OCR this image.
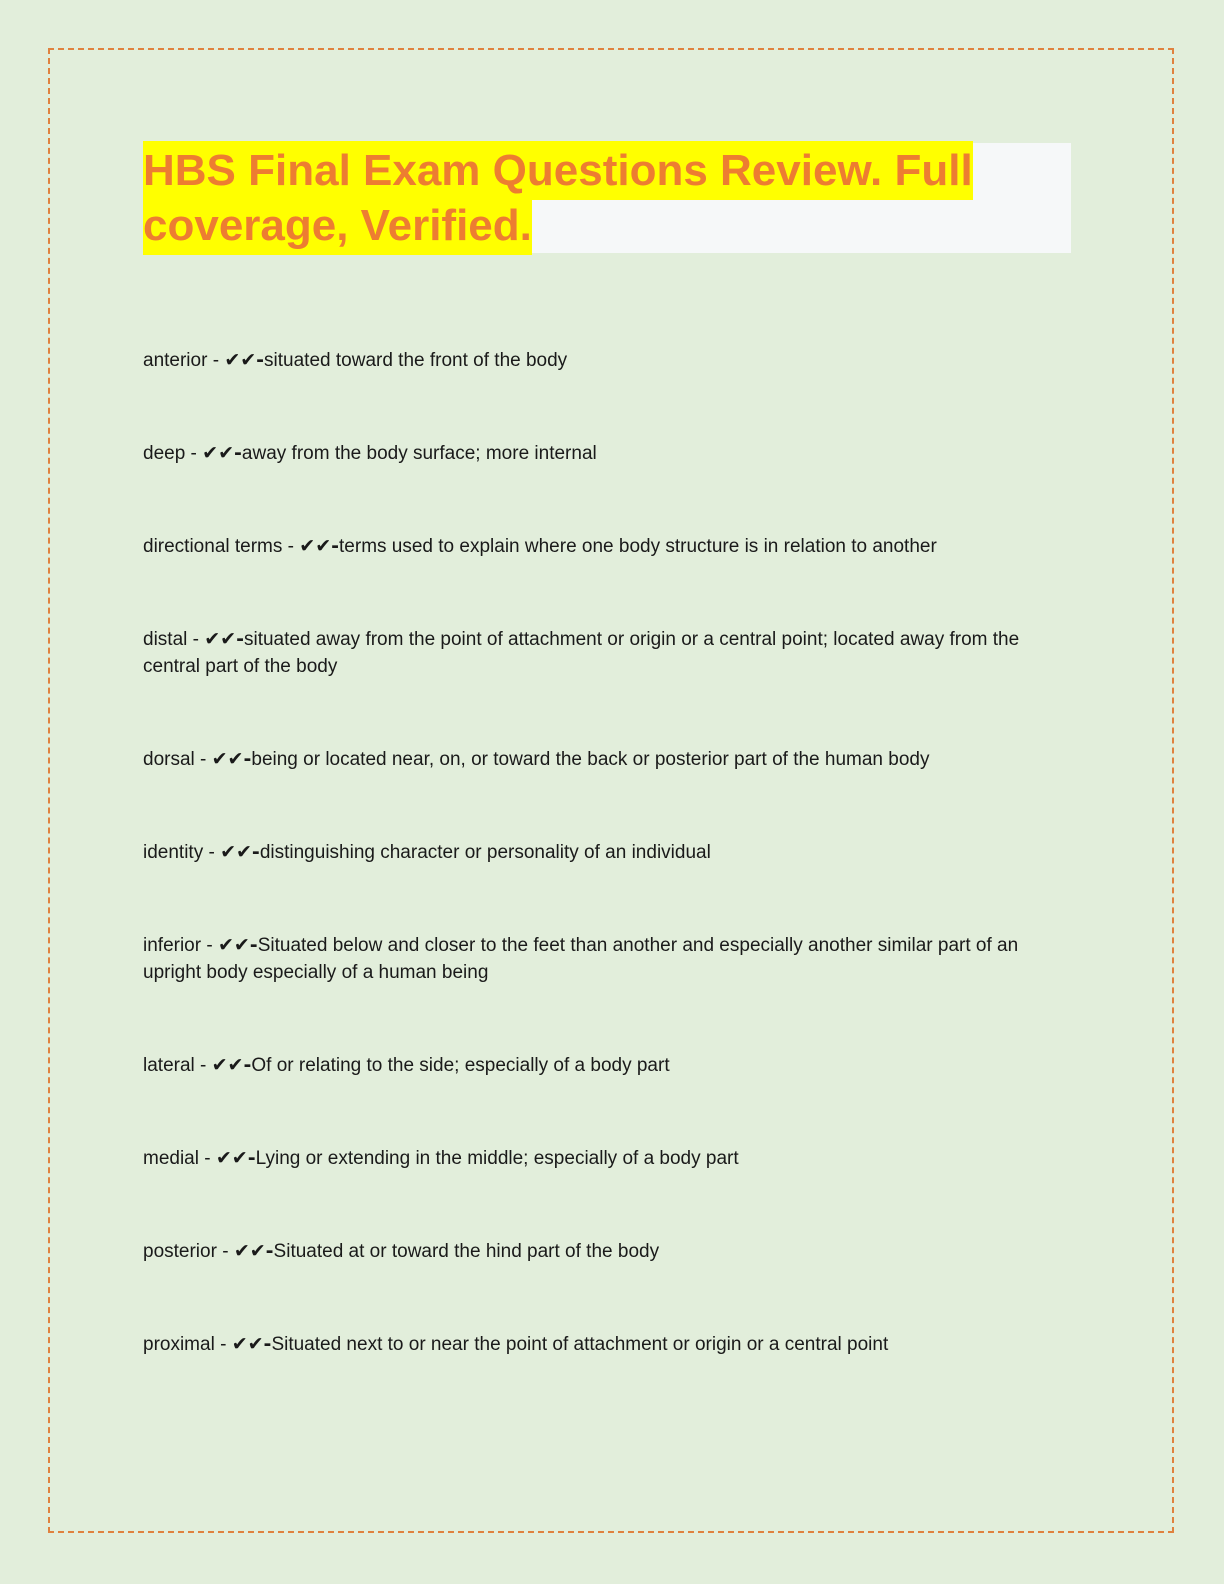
HBS Final Exam Questions Review. Full coverage, Verified.

anterior - ✔✔-situated toward the front of the body

deep - ✔✔-away from the body surface; more internal

directional terms - ✔✔-terms used to explain where one body structure is in relation to another

distal - ✔✔-situated away from the point of attachment or origin or a central point; located away from the central part of the body

dorsal - ✔✔-being or located near, on, or toward the back or posterior part of the human body

identity - ✔✔-distinguishing character or personality of an individual

inferior - ✔✔-Situated below and closer to the feet than another and especially another similar part of an upright body especially of a human being

lateral - ✔✔-Of or relating to the side; especially of a body part

medial - ✔✔-Lying or extending in the middle; especially of a body part

posterior - ✔✔-Situated at or toward the hind part of the body

proximal - ✔✔-Situated next to or near the point of attachment or origin or a central point
